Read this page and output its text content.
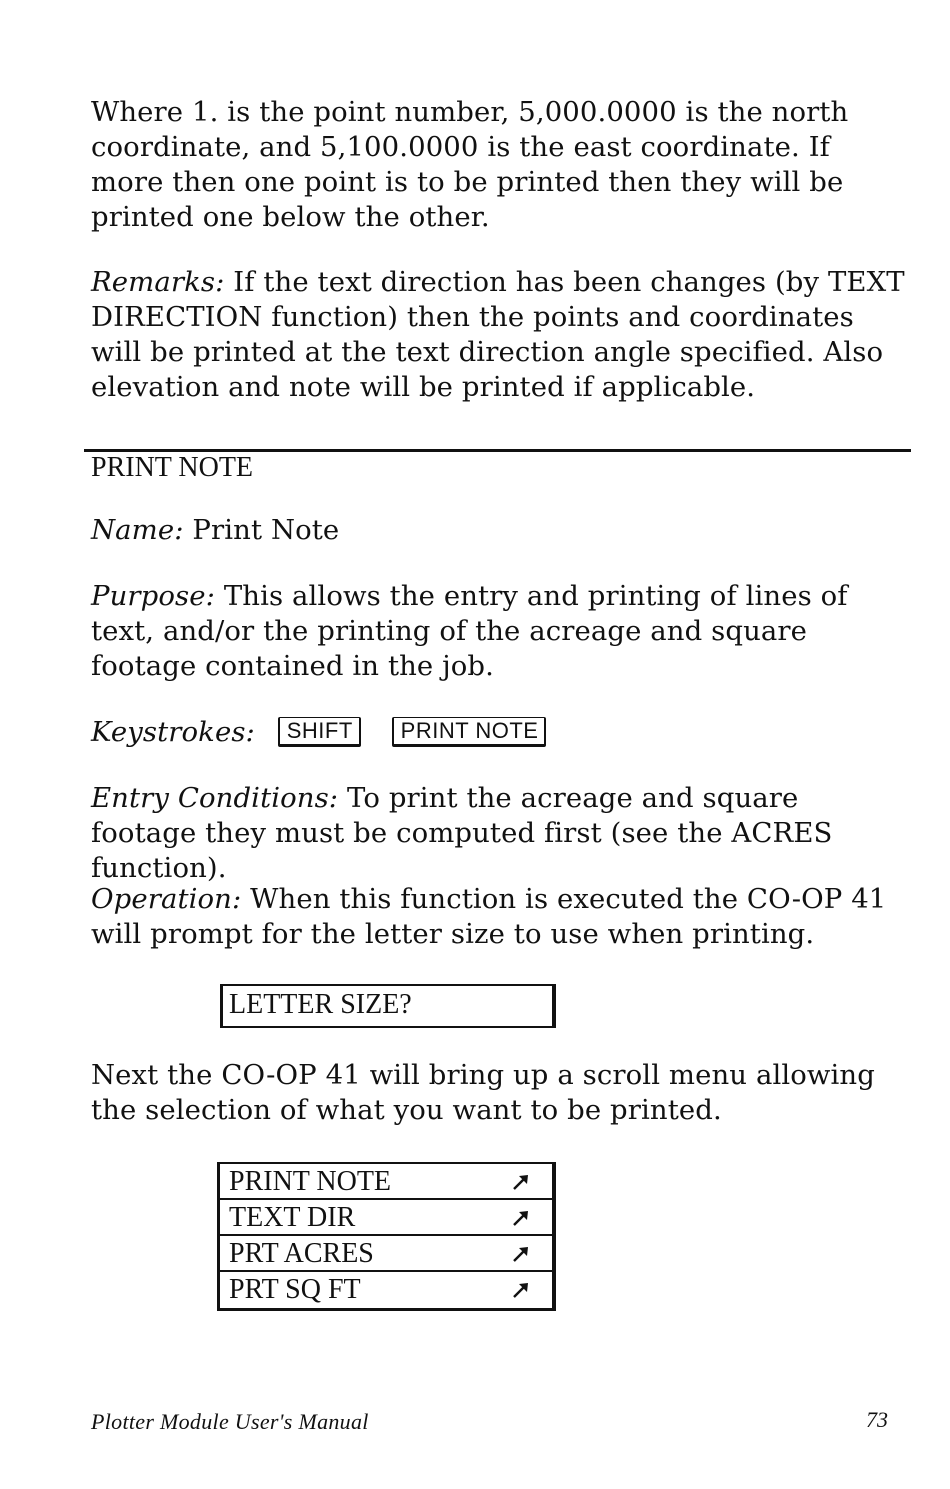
Where 1. is the point number, 5,000.0000 is the north coordinate, and 5,100.0000 is the east coordinate. If more then one point is to be printed then they will be printed one below the other.

Remarks: If the text direction has been changes (by TEXT DIRECTION function) then the points and coordinates will be printed at the text direction angle specified. Also elevation and note will be printed if applicable.

PRINT NOTE

Name: Print Note

Purpose: This allows the entry and printing of lines of text, and/or the printing of the acreage and square footage contained in the job.

Keystrokes: SHIFT PRINT NOTE

Entry Conditions: To print the acreage and square footage they must be computed first (see the ACRES function).

Operation: When this function is executed the CO-OP 41 will prompt for the letter size to use when printing.

LETTER SIZE?

Next the CO-OP 41 will bring up a scroll menu allowing the selection of what you want to be printed.

PRINT NOTE
TEXT DIR
PRT ACRES
PRT SQ FT
Plotter Module User's Manual	73
